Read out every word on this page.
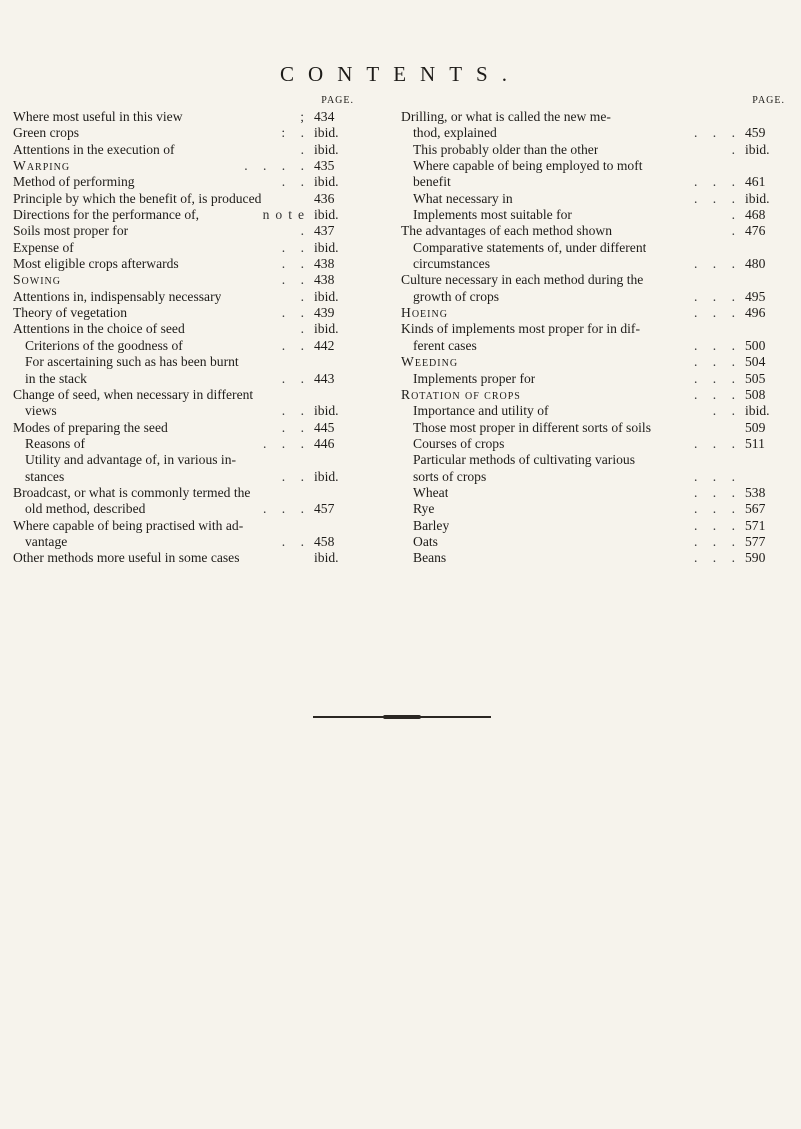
CONTENTS.
PAGE.
Where most useful in this view	; 434
Green crops	: . ibid.
Attentions in the execution of	. ibid.
Warping	. . . . 435
Method of performing	. . ibid.
Principle by which the benefit of, is produced	436
Directions for the performance of,	note ibid.
Soils most proper for	. 437
Expense of	. . ibid.
Most eligible crops afterwards	. . 438
Sowing	. . 438
Attentions in, indispensably necessary	. ibid.
Theory of vegetation	. . 439
Attentions in the choice of seed	. ibid.
Criterions of the goodness of	. . 442
For ascertaining such as has been burnt
in the stack	. . 443
Change of seed, when necessary in different
views	. . ibid.
Modes of preparing the seed	. . 445
Reasons of	. . . 446
Utility and advantage of, in various in-
stances	. . ibid.
Broadcast, or what is commonly termed the
old method, described	. . . 457
Where capable of being practised with ad-
vantage	. . 458
Other methods more useful in some cases	ibid.
PAGE.
Drilling, or what is called the new me-
thod, explained	. . . 459
This probably older than the other	. ibid.
Where capable of being employed to moft
benefit	. . . 461
What necessary in	. . . ibid.
Implements most suitable for	. 468
The advantages of each method shown	. 476
Comparative statements of, under different
circumstances	. . . 480
Culture necessary in each method during the
growth of crops	. . . 495
Hoeing	. . . 496
Kinds of implements most proper for in dif-
ferent cases	. . . 500
Weeding	. . . 504
Implements proper for	. . . 505
Rotation of crops	. . . 508
Importance and utility of	. . ibid.
Those most proper in different sorts of soils	509
Courses of crops	. . . 511
Particular methods of cultivating various
sorts of crops	. . .
Wheat	. . . 538
Rye	. . . 567
Barley	. . . 571
Oats	. . . 577
Beans	. . . 590
